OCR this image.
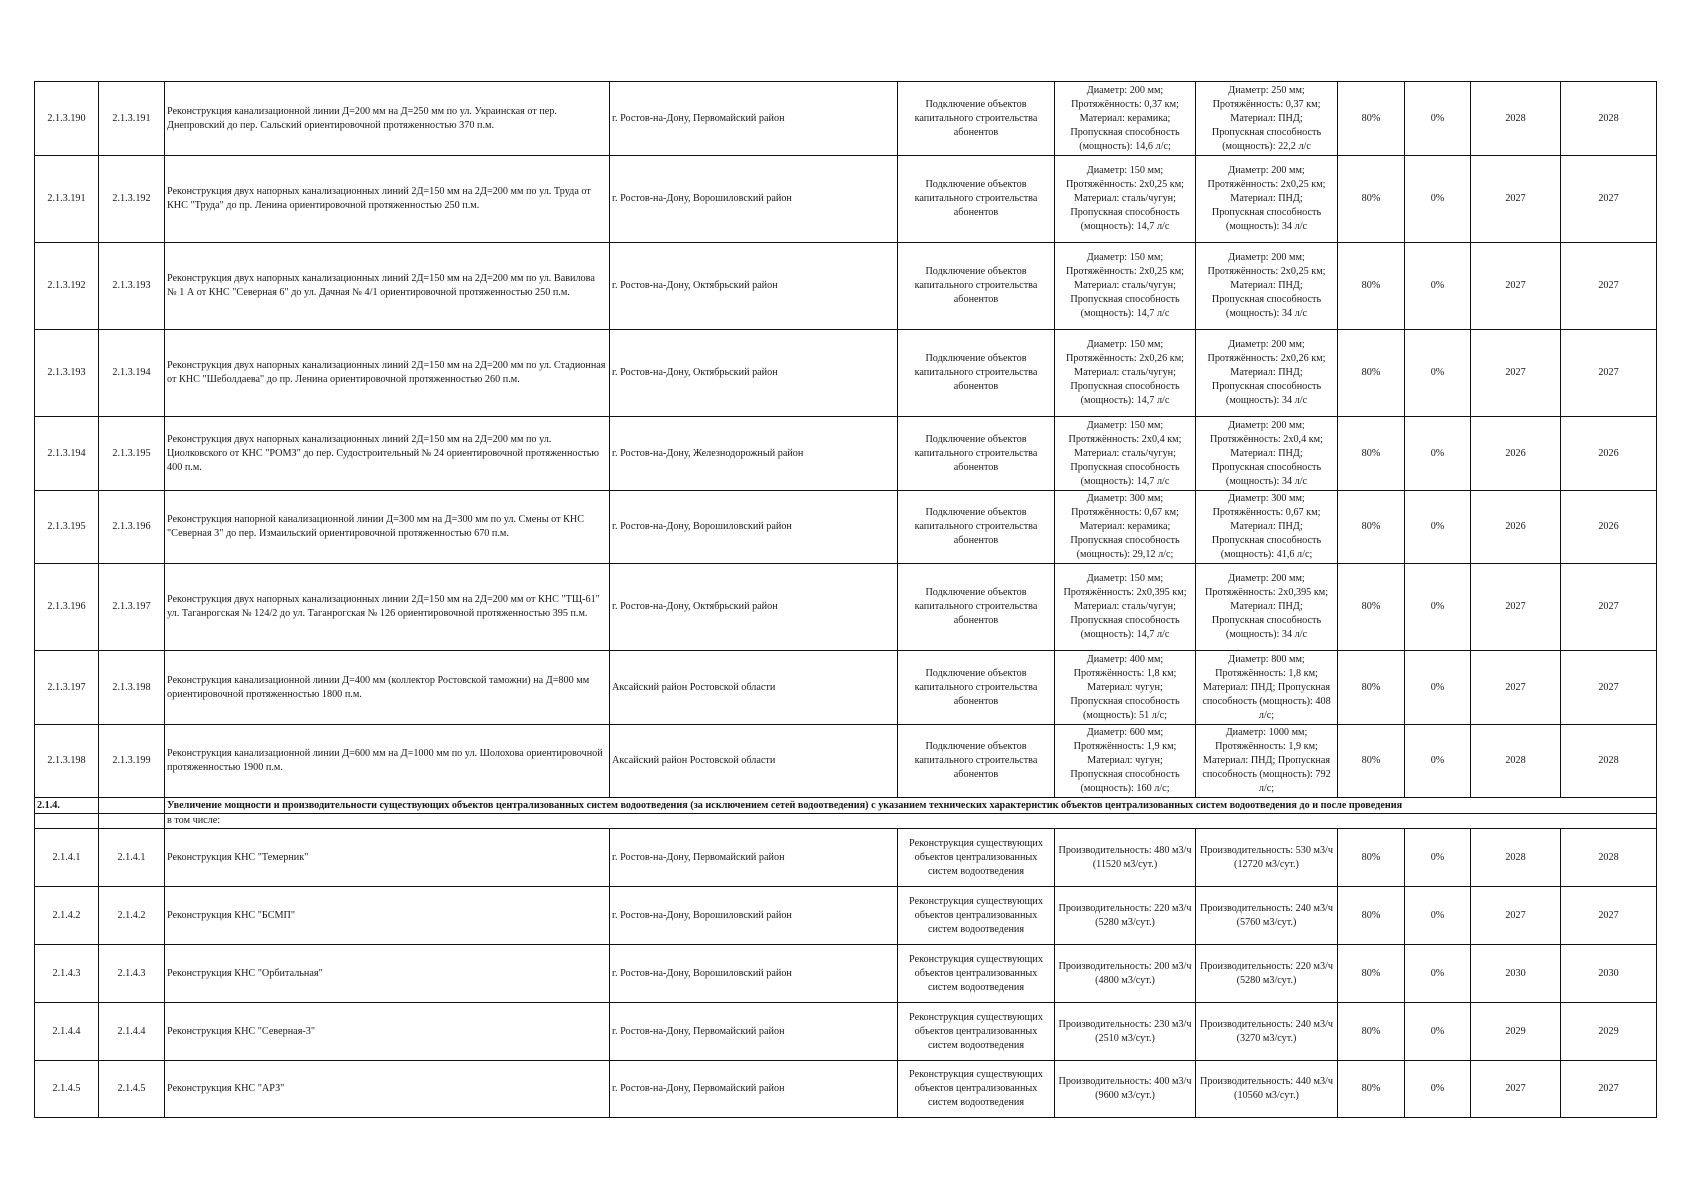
2.1.3.190	2.1.3.191	Реконструкция канализационной линии Д=200 мм на Д=250 мм по ул. Украинская от пер. Днепровский до пер. Сальский ориентировочной протяженностью 370 п.м.	г. Ростов-на-Дону, Первомайский район	Подключение объектов капитального строительства абонентов	Диаметр: 200 мм;
Протяжённость: 0,37 км;
Материал: керамика;
Пропускная способность (мощность): 14,6 л/с;	Диаметр: 250 мм;
Протяжённость: 0,37 км;
Материал: ПНД;
Пропускная способность (мощность): 22,2 л/с	80%	0%	2028	2028
2.1.3.191	2.1.3.192	Реконструкция двух напорных канализационных линий 2Д=150 мм на 2Д=200 мм по ул. Труда от КНС "Труда" до пр. Ленина ориентировочной протяженностью 250 п.м.	г. Ростов-на-Дону, Ворошиловский район	Подключение объектов капитального строительства абонентов	Диаметр: 150 мм;
Протяжённость: 2х0,25 км;
Материал: сталь/чугун;
Пропускная способность (мощность): 14,7 л/с	Диаметр: 200 мм;
Протяжённость: 2х0,25 км;
Материал: ПНД;
Пропускная способность (мощность): 34 л/с	80%	0%	2027	2027
2.1.3.192	2.1.3.193	Реконструкция двух напорных канализационных линий 2Д=150 мм на 2Д=200 мм по ул. Вавилова № 1 А от КНС "Северная 6" до ул. Дачная № 4/1 ориентировочной протяженностью 250 п.м.	г. Ростов-на-Дону, Октябрьский район	Подключение объектов капитального строительства абонентов	Диаметр: 150 мм;
Протяжённость: 2х0,25 км;
Материал: сталь/чугун;
Пропускная способность (мощность): 14,7 л/с	Диаметр: 200 мм;
Протяжённость: 2х0,25 км;
Материал: ПНД;
Пропускная способность (мощность): 34 л/с	80%	0%	2027	2027
2.1.3.193	2.1.3.194	Реконструкция двух напорных канализационных линий 2Д=150 мм на 2Д=200 мм по ул. Стадионная от КНС "Шеболдаева" до пр. Ленина ориентировочной протяженностью 260 п.м.	г. Ростов-на-Дону, Октябрьский район	Подключение объектов капитального строительства абонентов	Диаметр: 150 мм;
Протяжённость: 2х0,26 км;
Материал: сталь/чугун;
Пропускная способность (мощность): 14,7 л/с	Диаметр: 200 мм;
Протяжённость: 2х0,26 км;
Материал: ПНД;
Пропускная способность (мощность): 34 л/с	80%	0%	2027	2027
2.1.3.194	2.1.3.195	Реконструкция двух напорных канализационных линий 2Д=150 мм на 2Д=200 мм по ул. Циолковского от КНС "РОМЗ" до пер. Судостроительный № 24 ориентировочной протяженностью 400 п.м.	г. Ростов-на-Дону, Железнодорожный район	Подключение объектов капитального строительства абонентов	Диаметр: 150 мм;
Протяжённость: 2х0,4 км;
Материал: сталь/чугун;
Пропускная способность (мощность): 14,7 л/с	Диаметр: 200 мм;
Протяжённость: 2х0,4 км;
Материал: ПНД;
Пропускная способность (мощность): 34 л/с	80%	0%	2026	2026
2.1.3.195	2.1.3.196	Реконструкция напорной канализационной линии Д=300 мм на Д=300 мм по ул. Смены от КНС "Северная 3" до пер. Измаильский ориентировочной протяженностью 670 п.м.	г. Ростов-на-Дону, Ворошиловский район	Подключение объектов капитального строительства абонентов	Диаметр: 300 мм;
Протяжённость: 0,67 км;
Материал: керамика;
Пропускная способность (мощность): 29,12 л/с;	Диаметр: 300 мм;
Протяжённость: 0,67 км;
Материал: ПНД;
Пропускная способность (мощность): 41,6 л/с;	80%	0%	2026	2026
2.1.3.196	2.1.3.197	Реконструкция двух напорных канализационных линии 2Д=150 мм на 2Д=200 мм от КНС "ТЩ-61" ул. Таганрогская № 124/2 до ул. Таганрогская № 126 ориентировочной протяженностью 395 п.м.	г. Ростов-на-Дону, Октябрьский район	Подключение объектов капитального строительства абонентов	Диаметр: 150 мм;
Протяжённость: 2х0,395 км;
Материал: сталь/чугун;
Пропускная способность (мощность): 14,7 л/с	Диаметр: 200 мм;
Протяжённость: 2х0,395 км;
Материал: ПНД;
Пропускная способность (мощность): 34 л/с	80%	0%	2027	2027
2.1.3.197	2.1.3.198	Реконструкция канализационной линии Д=400 мм (коллектор Ростовской таможни) на Д=800 мм ориентировочной протяженностью 1800 п.м.	Аксайский район Ростовской области	Подключение объектов капитального строительства абонентов	Диаметр: 400 мм;
Протяжённость: 1,8 км;
Материал: чугун;
Пропускная способность (мощность): 51 л/с;	Диаметр: 800 мм;
Протяжённость: 1,8 км;
Материал: ПНД; Пропускная способность (мощность): 408 л/с;	80%	0%	2027	2027
2.1.3.198	2.1.3.199	Реконструкция канализационной линии Д=600 мм на Д=1000 мм по ул. Шолохова ориентировочной протяженностью 1900 п.м.	Аксайский район Ростовской области	Подключение объектов капитального строительства абонентов	Диаметр: 600 мм;
Протяжённость: 1,9 км;
Материал: чугун;
Пропускная способность (мощность): 160 л/с;	Диаметр: 1000 мм;
Протяжённость: 1,9 км;
Материал: ПНД; Пропускная способность (мощность): 792 л/с;	80%	0%	2028	2028
2.1.4.		Увеличение мощности и производительности существующих объектов централизованных систем водоотведения (за исключением сетей водоотведения) с указанием технических характеристик объектов централизованных систем водоотведения до и после проведения								
		в том числе:								
2.1.4.1	2.1.4.1	Реконструкция КНС "Темерник"	г. Ростов-на-Дону, Первомайский район	Реконструкция существующих объектов централизованных систем водоотведения	Производительность: 480 м3/ч (11520 м3/сут.)	Производительность: 530 м3/ч (12720 м3/сут.)	80%	0%	2028	2028
2.1.4.2	2.1.4.2	Реконструкция КНС "БСМП"	г. Ростов-на-Дону, Ворошиловский район	Реконструкция существующих объектов централизованных систем водоотведения	Производительность: 220 м3/ч (5280 м3/сут.)	Производительность: 240 м3/ч (5760 м3/сут.)	80%	0%	2027	2027
2.1.4.3	2.1.4.3	Реконструкция КНС "Орбитальная"	г. Ростов-на-Дону, Ворошиловский район	Реконструкция существующих объектов централизованных систем водоотведения	Производительность: 200 м3/ч (4800 м3/сут.)	Производительность: 220 м3/ч (5280 м3/сут.)	80%	0%	2030	2030
2.1.4.4	2.1.4.4	Реконструкция КНС "Северная-3"	г. Ростов-на-Дону, Первомайский район	Реконструкция существующих объектов централизованных систем водоотведения	Производительность: 230 м3/ч (2510 м3/сут.)	Производительность: 240 м3/ч (3270 м3/сут.)	80%	0%	2029	2029
2.1.4.5	2.1.4.5	Реконструкция КНС "АРЗ"	г. Ростов-на-Дону, Первомайский район	Реконструкция существующих объектов централизованных систем водоотведения	Производительность: 400 м3/ч (9600 м3/сут.)	Производительность: 440 м3/ч (10560 м3/сут.)	80%	0%	2027	2027
